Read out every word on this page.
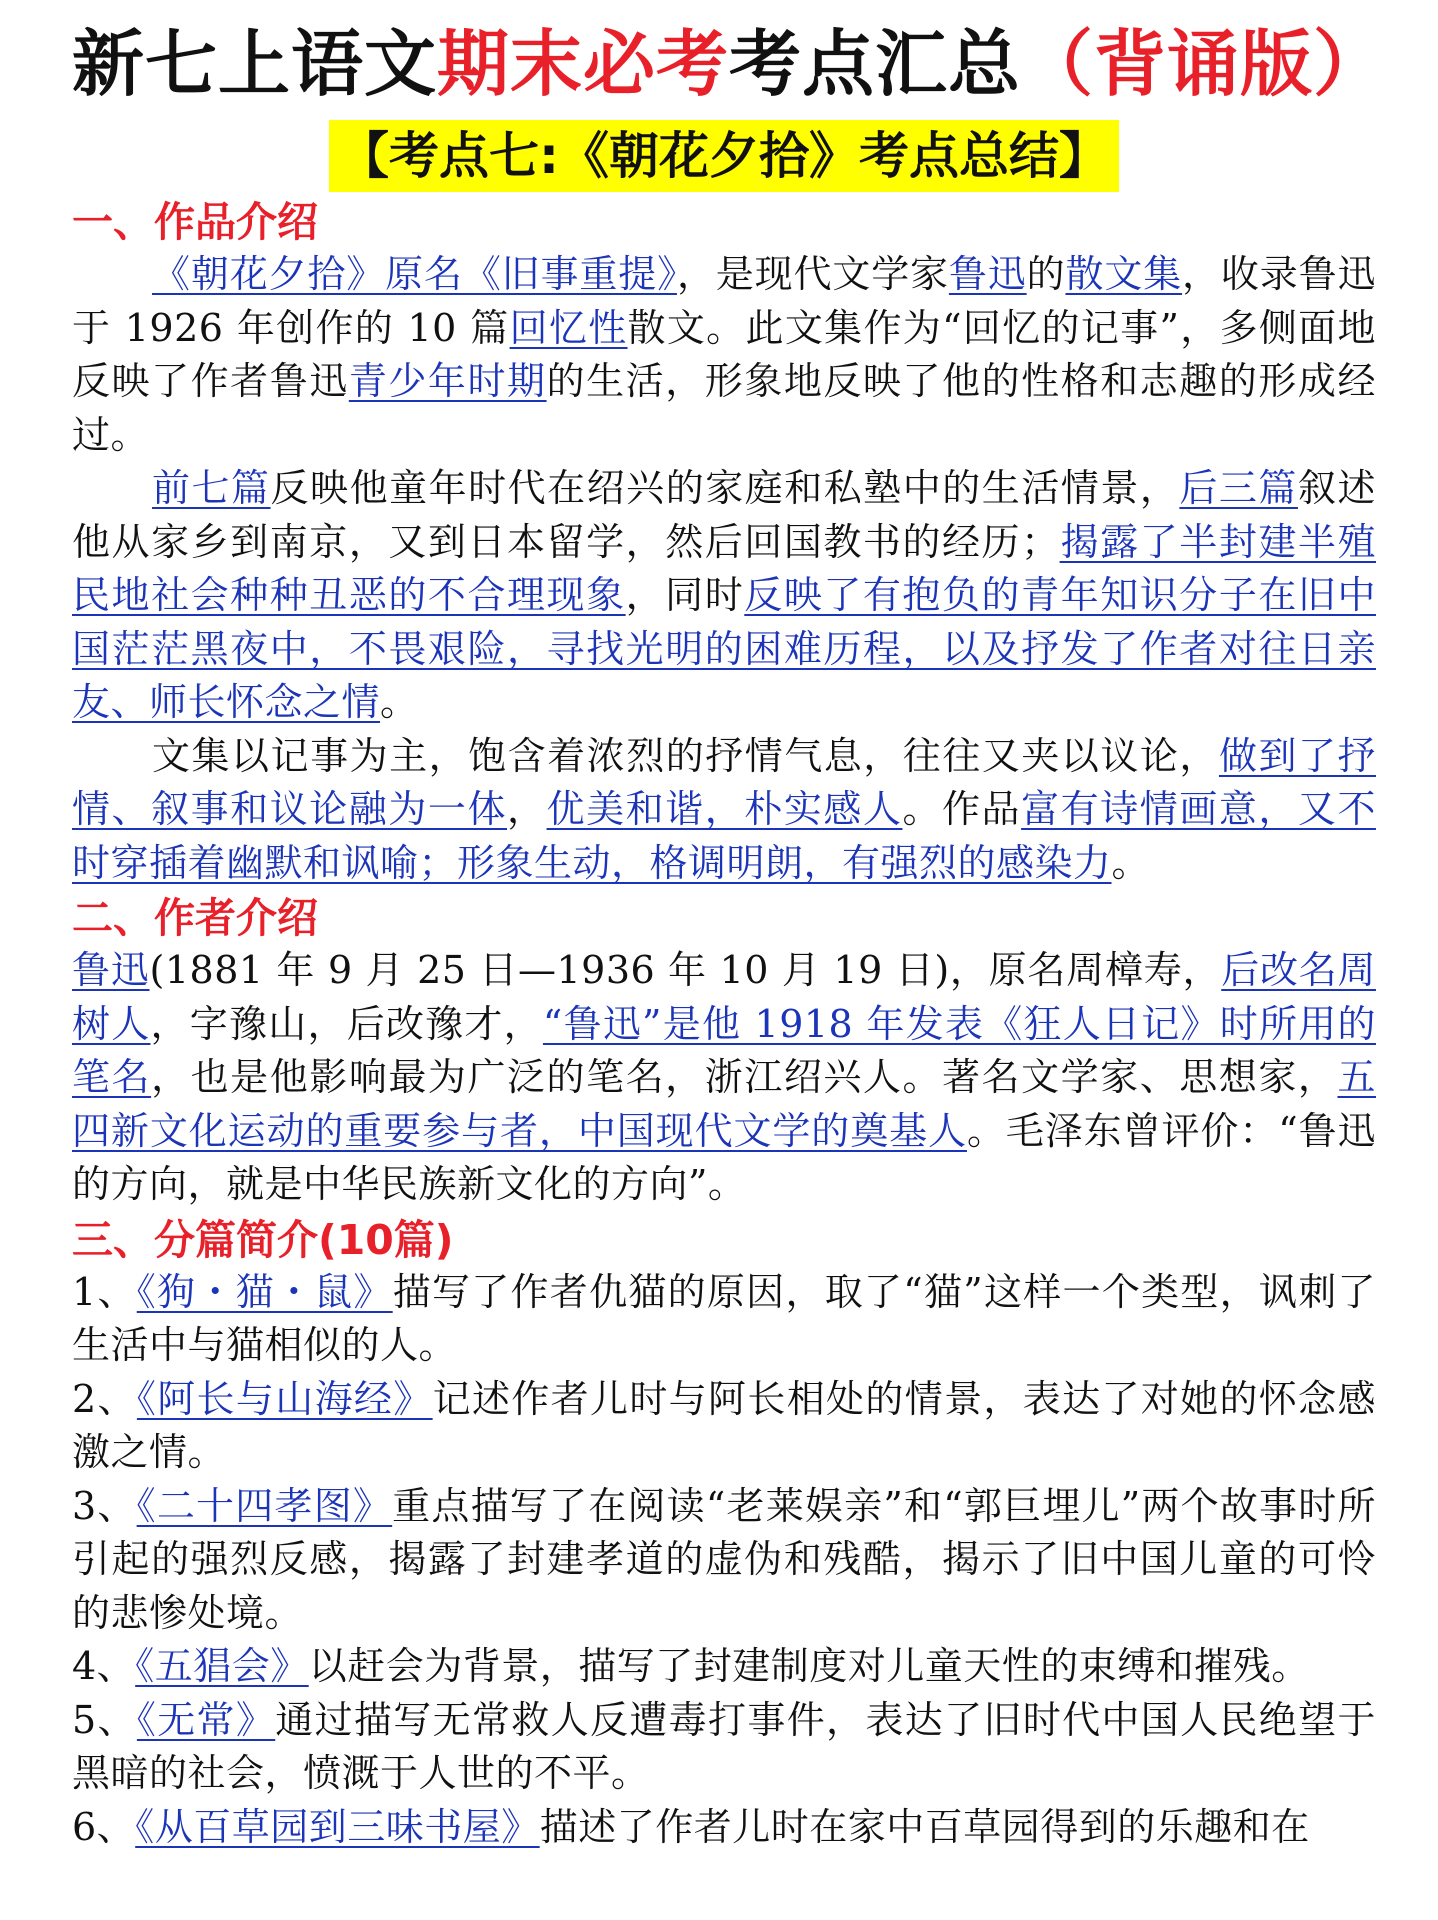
新七上语文期末必考考点汇总（背诵版）
【考点七:《朝花夕拾》考点总结】
一、作品介绍

《朝花夕拾》原名《旧事重提》，是现代文学家鲁迅的散文集，收录鲁迅于 1926 年创作的 10 篇回忆性散文。此文集作为“回忆的记事”，多侧面地反映了作者鲁迅青少年时期的生活，形象地反映了他的性格和志趣的形成经过。

前七篇反映他童年时代在绍兴的家庭和私塾中的生活情景，后三篇叙述他从家乡到南京，又到日本留学，然后回国教书的经历；揭露了半封建半殖民地社会种种丑恶的不合理现象，同时反映了有抱负的青年知识分子在旧中国茫茫黑夜中，不畏艰险，寻找光明的困难历程，以及抒发了作者对往日亲友、师长怀念之情。

文集以记事为主，饱含着浓烈的抒情气息，往往又夹以议论，做到了抒情、叙事和议论融为一体，优美和谐，朴实感人。作品富有诗情画意，又不时穿插着幽默和讽喻；形象生动，格调明朗，有强烈的感染力。

二、作者介绍

鲁迅(1881 年 9 月 25 日—1936 年 10 月 19 日)，原名周樟寿，后改名周树人，字豫山，后改豫才，“鲁迅”是他 1918 年发表《狂人日记》时所用的笔名，也是他影响最为广泛的笔名，浙江绍兴人。著名文学家、思想家，五四新文化运动的重要参与者，中国现代文学的奠基人。毛泽东曾评价：“鲁迅的方向，就是中华民族新文化的方向”。

三、分篇简介(10篇)

1、《狗・猫・鼠》描写了作者仇猫的原因，取了“猫”这样一个类型，讽刺了生活中与猫相似的人。

2、《阿长与山海经》记述作者儿时与阿长相处的情景，表达了对她的怀念感激之情。

3、《二十四孝图》重点描写了在阅读“老莱娱亲”和“郭巨埋儿”两个故事时所引起的强烈反感，揭露了封建孝道的虚伪和残酷，揭示了旧中国儿童的可怜的悲惨处境。

4、《五猖会》以赶会为背景，描写了封建制度对儿童天性的束缚和摧残。

5、《无常》通过描写无常救人反遭毒打事件，表达了旧时代中国人民绝望于黑暗的社会，愤溉于人世的不平。

6、《从百草园到三味书屋》描述了作者儿时在家中百草园得到的乐趣和在
